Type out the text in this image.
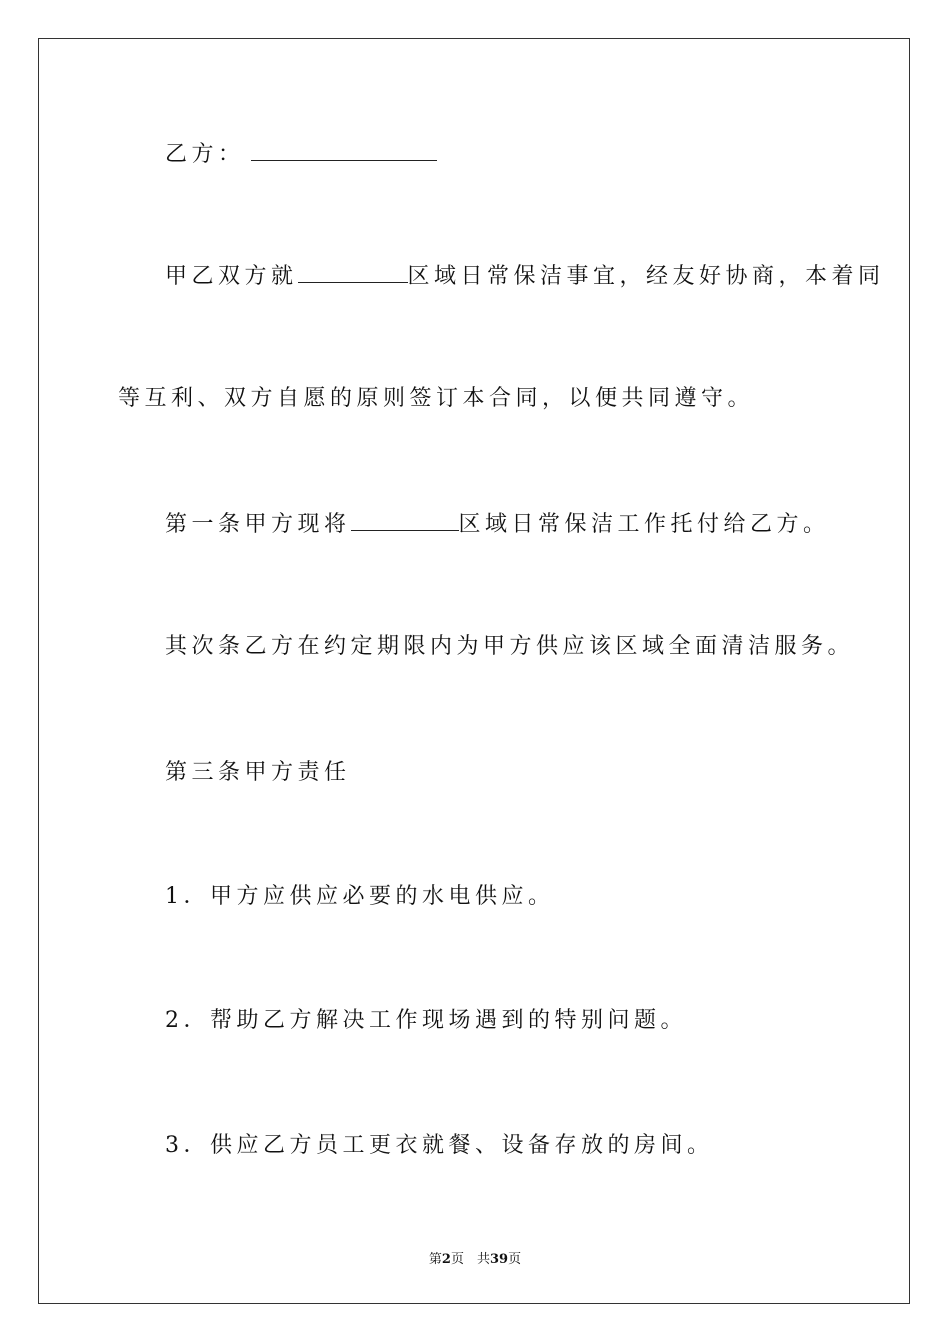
乙方：
甲乙双方就	区域日常保洁事宜，经友好协商，本着同
等互利、双方自愿的原则签订本合同，以便共同遵守。
第一条甲方现将	区域日常保洁工作托付给乙方。
其次条乙方在约定期限内为甲方供应该区域全面清洁服务。
第三条甲方责任
1．甲方应供应必要的水电供应。
2．帮助乙方解决工作现场遇到的特别问题。
3．供应乙方员工更衣就餐、设备存放的房间。
第2页　共39页
